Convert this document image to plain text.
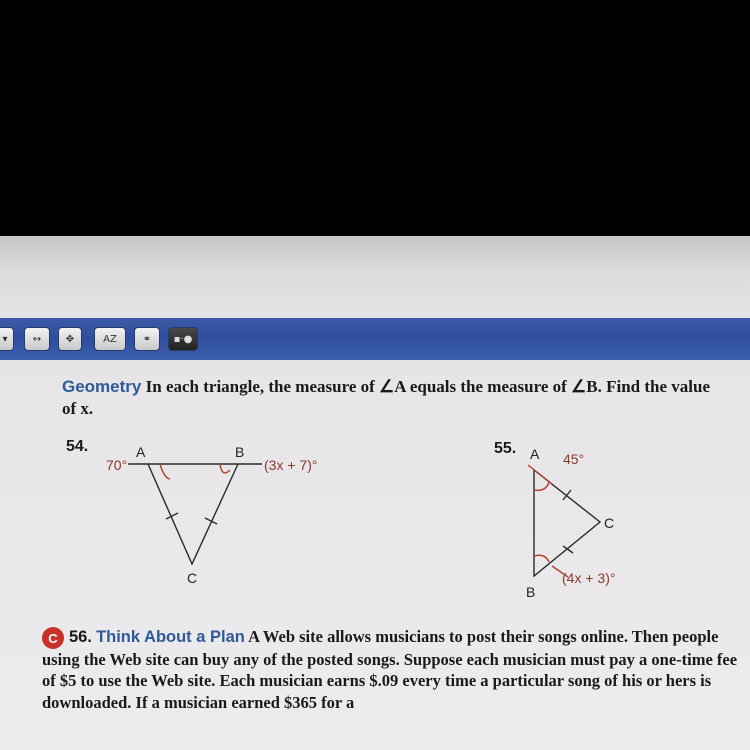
▾	↔	✥	AZ	⚭	▪·●
Geometry In each triangle, the measure of ∠A equals the measure of ∠B. Find the value of x.
54.	A	B
C
70°	(3x + 7)°
55. A
B
C
45°
(4x + 3)°
C 56. Think About a Plan A Web site allows musicians to post their songs online. Then people using the Web site can buy any of the posted songs. Suppose each musician must pay a one-time fee of $5 to use the Web site. Each musician earns $.09 every time a particular song of his or hers is downloaded. If a musician earned $365 for a
